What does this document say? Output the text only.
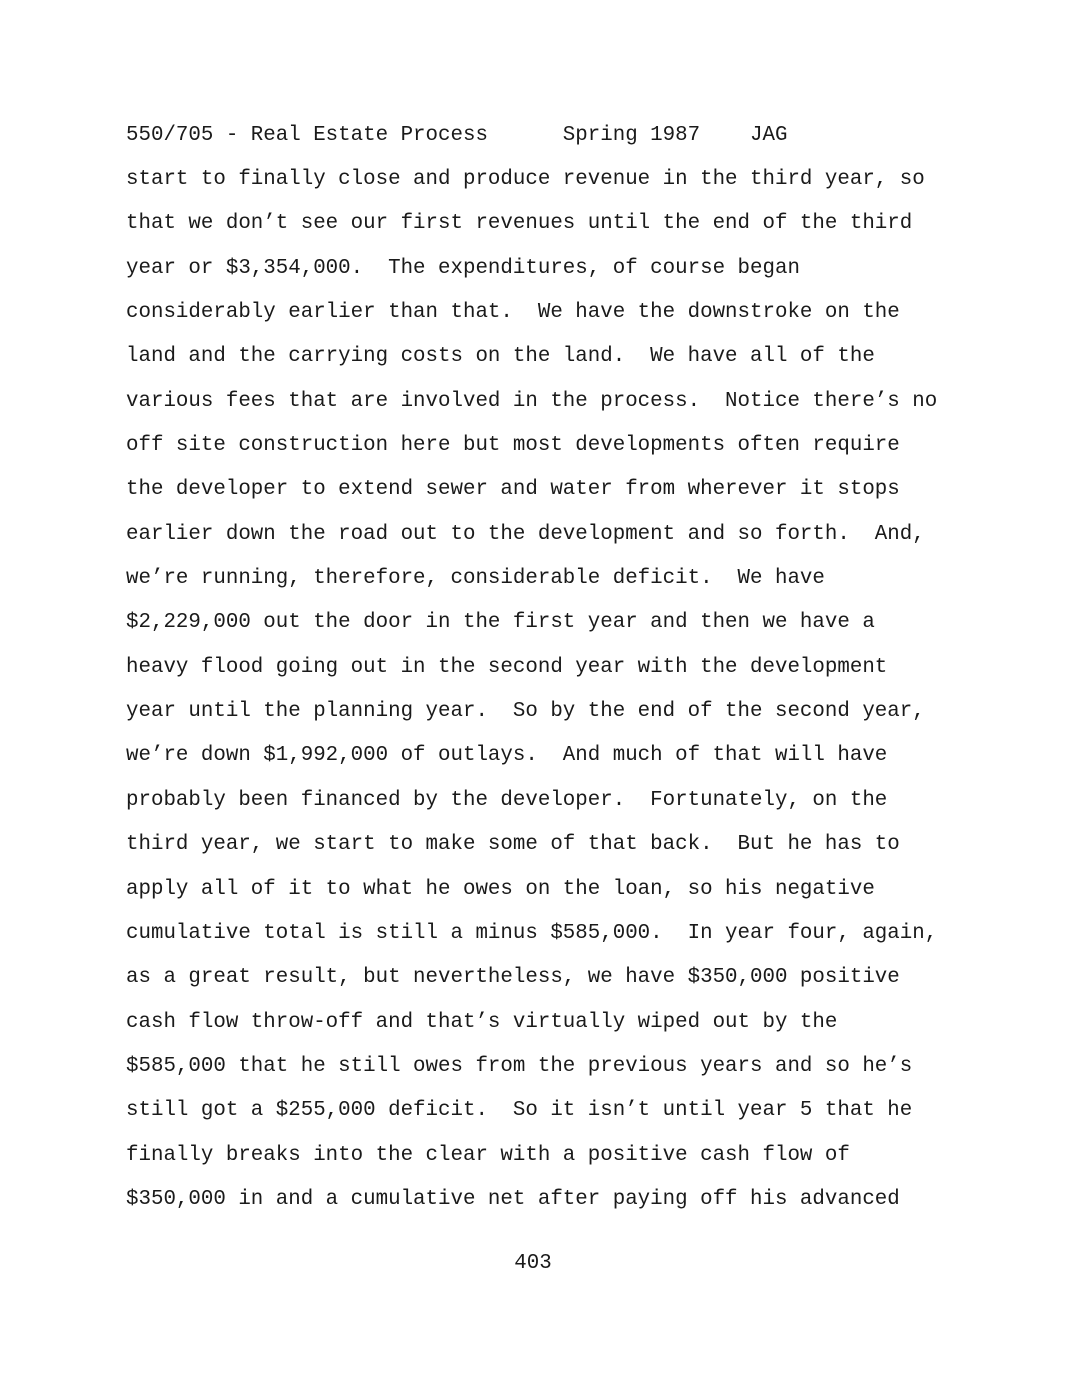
550/705 - Real Estate Process      Spring 1987    JAG
start to finally close and produce revenue in the third year, so
that we don’t see our first revenues until the end of the third
year or $3,354,000.  The expenditures, of course began
considerably earlier than that.  We have the downstroke on the
land and the carrying costs on the land.  We have all of the
various fees that are involved in the process.  Notice there’s no
off site construction here but most developments often require
the developer to extend sewer and water from wherever it stops
earlier down the road out to the development and so forth.  And,
we’re running, therefore, considerable deficit.  We have
$2,229,000 out the door in the first year and then we have a
heavy flood going out in the second year with the development
year until the planning year.  So by the end of the second year,
we’re down $1,992,000 of outlays.  And much of that will have
probably been financed by the developer.  Fortunately, on the
third year, we start to make some of that back.  But he has to
apply all of it to what he owes on the loan, so his negative
cumulative total is still a minus $585,000.  In year four, again,
as a great result, but nevertheless, we have $350,000 positive
cash flow throw-off and that’s virtually wiped out by the
$585,000 that he still owes from the previous years and so he’s
still got a $255,000 deficit.  So it isn’t until year 5 that he
finally breaks into the clear with a positive cash flow of
$350,000 in and a cumulative net after paying off his advanced
403
